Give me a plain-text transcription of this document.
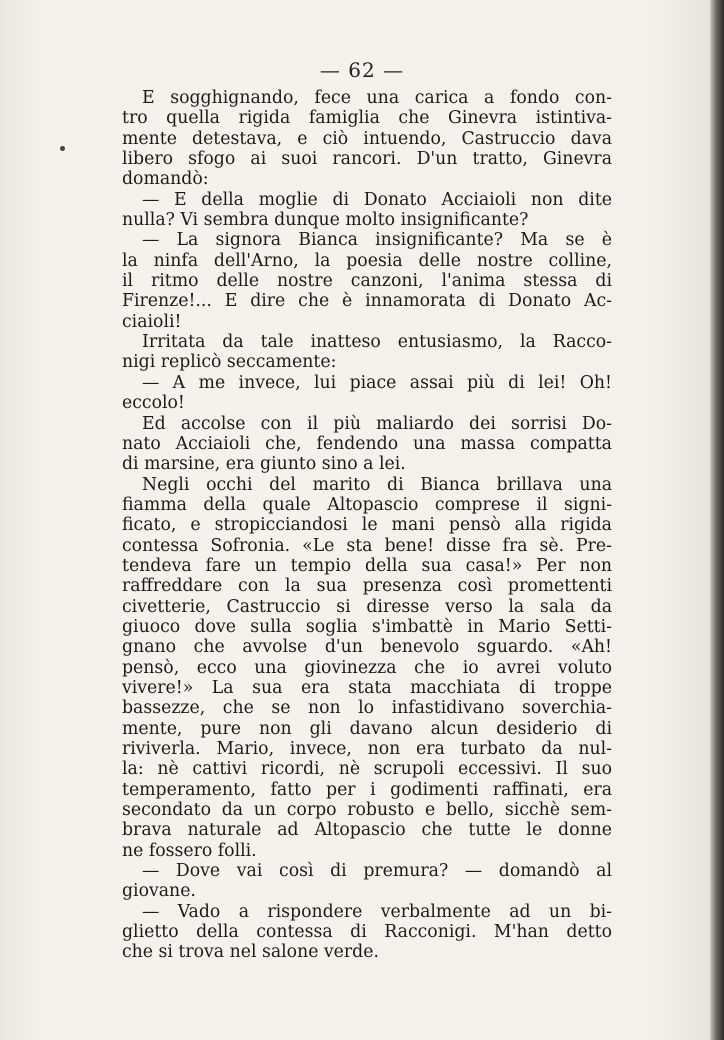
— 62 —

E sogghignando, fece una carica a fondo con-
tro quella rigida famiglia che Ginevra istintiva-
mente detestava, e ciò intuendo, Castruccio dava
libero sfogo ai suoi rancori. D'un tratto, Ginevra
domandò:

— E della moglie di Donato Acciaioli non dite
nulla? Vi sembra dunque molto insignificante?

— La signora Bianca insignificante? Ma se è
la ninfa dell'Arno, la poesia delle nostre colline,
il ritmo delle nostre canzoni, l'anima stessa di
Firenze!... E dire che è innamorata di Donato Ac-
ciaioli!

Irritata da tale inatteso entusiasmo, la Racco-
nigi replicò seccamente:

— A me invece, lui piace assai più di lei! Oh!
eccolo!

Ed accolse con il più maliardo dei sorrisi Do-
nato Acciaioli che, fendendo una massa compatta
di marsine, era giunto sino a lei.

Negli occhi del marito di Bianca brillava una
fiamma della quale Altopascio comprese il signi-
ficato, e stropicciandosi le mani pensò alla rigida
contessa Sofronia. «Le sta bene! disse fra sè. Pre-
tendeva fare un tempio della sua casa!» Per non
raffreddare con la sua presenza così promettenti
civetterie, Castruccio si diresse verso la sala da
giuoco dove sulla soglia s'imbattè in Mario Setti-
gnano che avvolse d'un benevolo sguardo. «Ah!
pensò, ecco una giovinezza che io avrei voluto
vivere!» La sua era stata macchiata di troppe
bassezze, che se non lo infastidivano soverchia-
mente, pure non gli davano alcun desiderio di
riviverla. Mario, invece, non era turbato da nul-
la: nè cattivi ricordi, nè scrupoli eccessivi. Il suo
temperamento, fatto per i godimenti raffinati, era
secondato da un corpo robusto e bello, sicchè sem-
brava naturale ad Altopascio che tutte le donne
ne fossero folli.

— Dove vai così di premura? — domandò al
giovane.

— Vado a rispondere verbalmente ad un bi-
glietto della contessa di Racconigi. M'han detto
che si trova nel salone verde.
